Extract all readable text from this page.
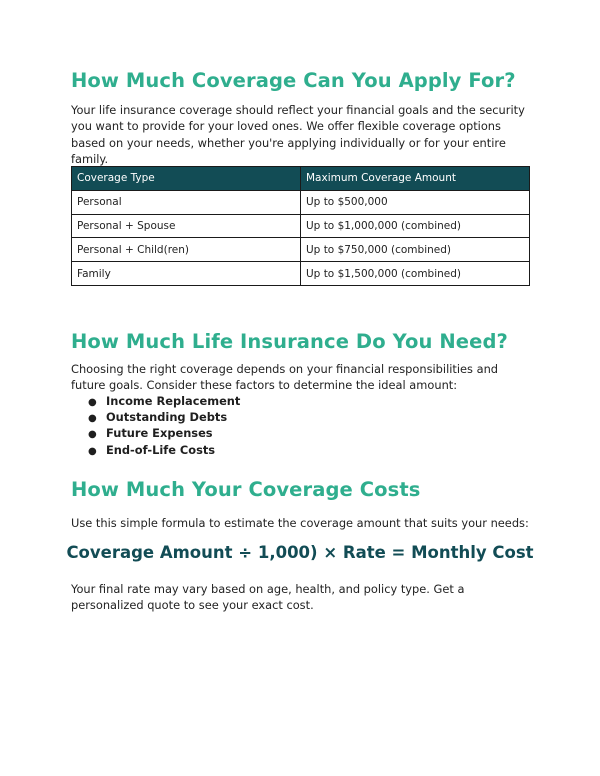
How Much Coverage Can You Apply For?

Your life insurance coverage should reflect your financial goals and the security you want to provide for your loved ones. We offer flexible coverage options based on your needs, whether you're applying individually or for your entire family.

Coverage Type	Maximum Coverage Amount
Personal	Up to $500,000
Personal + Spouse	Up to $1,000,000 (combined)
Personal + Child(ren)	Up to $750,000 (combined)
Family	Up to $1,500,000 (combined)
How Much Life Insurance Do You Need?

Choosing the right coverage depends on your financial responsibilities and future goals. Consider these factors to determine the ideal amount:

● Income Replacement
● Outstanding Debts
● Future Expenses
● End-of-Life Costs
How Much Your Coverage Costs

Use this simple formula to estimate the coverage amount that suits your needs:

Coverage Amount ÷ 1,000) × Rate = Monthly Cost

Your final rate may vary based on age, health, and policy type. Get a personalized quote to see your exact cost.
